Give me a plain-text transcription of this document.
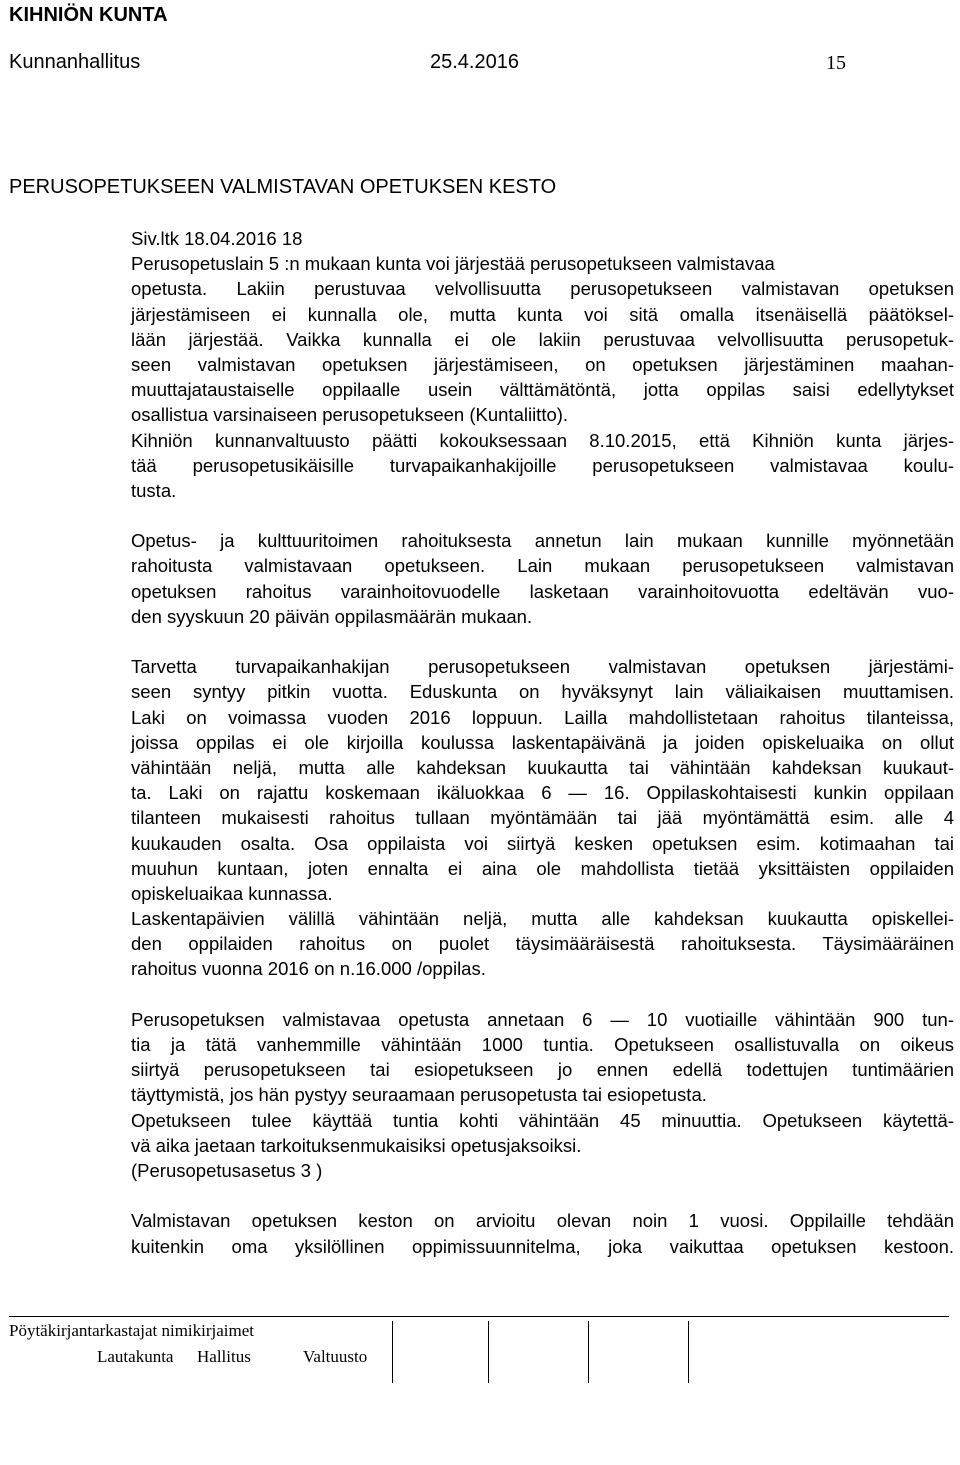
KIHNIÖN KUNTA
Kunnanhallitus	25.4.2016	15
PERUSOPETUKSEEN VALMISTAVAN OPETUKSEN KESTO
Siv.ltk 18.04.2016 18
Perusopetuslain 5 :n mukaan kunta voi järjestää perusopetukseen valmistavaa
opetusta. Lakiin perustuvaa velvollisuutta perusopetukseen valmistavan opetuksen
järjestämiseen ei kunnalla ole, mutta kunta voi sitä omalla itsenäisellä päätöksel-
lään järjestää. Vaikka kunnalla ei ole lakiin perustuvaa velvollisuutta perusopetuk-
seen valmistavan opetuksen järjestämiseen, on opetuksen järjestäminen maahan-
muuttajataustaiselle oppilaalle usein välttämätöntä, jotta oppilas saisi edellytykset
osallistua varsinaiseen perusopetukseen (Kuntaliitto).
Kihniön kunnanvaltuusto päätti kokouksessaan 8.10.2015, että Kihniön kunta järjes-
tää perusopetusikäisille turvapaikanhakijoille perusopetukseen valmistavaa koulu-
tusta.
Opetus- ja kulttuuritoimen rahoituksesta annetun lain mukaan kunnille myönnetään
rahoitusta valmistavaan opetukseen. Lain mukaan perusopetukseen valmistavan
opetuksen rahoitus varainhoitovuodelle lasketaan varainhoitovuotta edeltävän vuo-
den syyskuun 20 päivän oppilasmäärän mukaan.
Tarvetta turvapaikanhakijan perusopetukseen valmistavan opetuksen järjestämi-
seen syntyy pitkin vuotta. Eduskunta on hyväksynyt lain väliaikaisen muuttamisen.
Laki on voimassa vuoden 2016 loppuun. Lailla mahdollistetaan rahoitus tilanteissa,
joissa oppilas ei ole kirjoilla koulussa laskentapäivänä ja joiden opiskeluaika on ollut
vähintään neljä, mutta alle kahdeksan kuukautta tai vähintään kahdeksan kuukaut-
ta. Laki on rajattu koskemaan ikäluokkaa 6 — 16. Oppilaskohtaisesti kunkin oppilaan
tilanteen mukaisesti rahoitus tullaan myöntämään tai jää myöntämättä esim. alle 4
kuukauden osalta. Osa oppilaista voi siirtyä kesken opetuksen esim. kotimaahan tai
muuhun kuntaan, joten ennalta ei aina ole mahdollista tietää yksittäisten oppilaiden
opiskeluaikaa kunnassa.
Laskentapäivien välillä vähintään neljä, mutta alle kahdeksan kuukautta opiskellei-
den oppilaiden rahoitus on puolet täysimääräisestä rahoituksesta. Täysimääräinen
rahoitus vuonna 2016 on n.16.000 /oppilas.
Perusopetuksen valmistavaa opetusta annetaan 6 — 10 vuotiaille vähintään 900 tun-
tia ja tätä vanhemmille vähintään 1000 tuntia. Opetukseen osallistuvalla on oikeus
siirtyä perusopetukseen tai esiopetukseen jo ennen edellä todettujen tuntimäärien
täyttymistä, jos hän pystyy seuraamaan perusopetusta tai esiopetusta.
Opetukseen tulee käyttää tuntia kohti vähintään 45 minuuttia. Opetukseen käytettä-
vä aika jaetaan tarkoituksenmukaisiksi opetusjaksoiksi.
(Perusopetusasetus 3 )
Valmistavan opetuksen keston on arvioitu olevan noin 1 vuosi. Oppilaille tehdään
kuitenkin oma yksilöllinen oppimissuunnitelma, joka vaikuttaa opetuksen kestoon.
Pöytäkirjantarkastajat nimikirjaimet
Lautakunta Hallitus	Valtuusto
